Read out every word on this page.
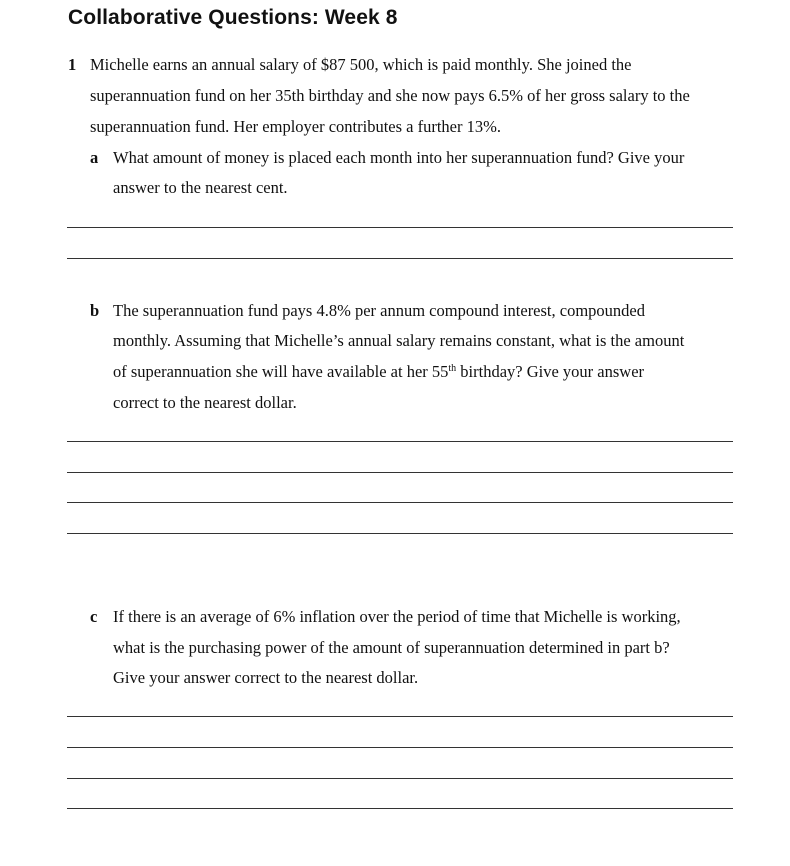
Collaborative Questions: Week 8
1 Michelle earns an annual salary of $87 500, which is paid monthly. She joined the
superannuation fund on her 35th birthday and she now pays 6.5% of her gross salary to the
superannuation fund. Her employer contributes a further 13%.
a What amount of money is placed each month into her superannuation fund? Give your
answer to the nearest cent.
b The superannuation fund pays 4.8% per annum compound interest, compounded
monthly. Assuming that Michelle’s annual salary remains constant, what is the amount
of superannuation she will have available at her 55th birthday? Give your answer
correct to the nearest dollar.
c If there is an average of 6% inflation over the period of time that Michelle is working,
what is the purchasing power of the amount of superannuation determined in part b?
Give your answer correct to the nearest dollar.
